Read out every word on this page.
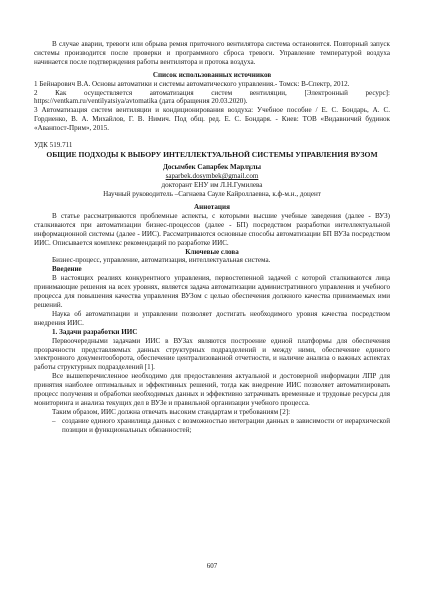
В случае аварии, тревоги или обрыва ремня приточного вентилятора система остановится. Повторный запуск системы производится после проверки и программного сброса тревоги. Управление температурой воздуха начинается после подтверждения работы вентилятора и протока воздуха.

Список использованных источников

1 Бейнарович В.А. Основы автоматики и системы автоматического управления.- Томск: В-Спектр, 2012.

2 Как осуществляется автоматизация систем вентиляции, [Электронный ресурс]: https://ventkam.ru/ventilyatsiya/avtomatika (дата обращения 20.03.2020).

3 Автоматизация систем вентиляции и кондиционирования воздуха: Учебное пособие / Е. С. Бондарь, А. С. Гордиенко, В. А. Михайлов, Г. В. Нимич. Под общ. ред. Е. С. Бондаря. - Киев: ТОВ «Видавничий будинок «Аванпост-Прим», 2015.

УДК 519.711

ОБЩИЕ ПОДХОДЫ К ВЫБОРУ ИНТЕЛЛЕКТУАЛЬНОЙ СИСТЕМЫ УПРАВЛЕНИЯ ВУЗОМ

Досымбек Сапарбек Марлұлы

saparbek.dosymbek@gmail.com

докторант ЕНУ им Л.Н.Гумилева

Научный руководитель –Сагнаева Сауле Кайроллаевна, к.ф-м.н., доцент

Аннотация

В статье рассматриваются проблемные аспекты, с которыми высшие учебные заведения (далее - ВУЗ) сталкиваются при автоматизации бизнес-процессов (далее - БП) посредством разработки интеллектуальной информационной системы (далее - ИИС). Рассматриваются основные способы автоматизации БП ВУЗа посредством ИИС. Описывается комплекс рекомендаций по разработке ИИС.

Ключевые слова

Бизнес-процесс, управление, автоматизация, интеллектуальная система.

Введение

В настоящих реалиях конкурентного управления, первостепенной задачей с которой сталкиваются лица принимающие решения на всех уровнях, является задача автоматизации административного управления и учебного процесса для повышения качества управления ВУЗом с целью обеспечения должного качества принимаемых ими решений.

Наука об автоматизации и управлении позволяет достигать необходимого уровня качества посредством внедрения ИИС.

1. Задачи разработки ИИС

Первоочередными задачами ИИС в ВУЗах являются построение единой платформы для обеспечения прозрачности представляемых данных структурных подразделений и между ними, обеспечение единого электронного документооборота, обеспечение централизованной отчетности, и наличие анализа о важных аспектах работы структурных подразделений [1].

Все вышеперечисленное необходимо для предоставления актуальной и достоверной информации ЛПР для принятия наиболее оптимальных и эффективных решений, тогда как внедрение ИИС позволяет автоматизировать процесс получения и обработки необходимых данных и эффективно затрачивать временные и трудовые ресурсы для мониторинга и анализа текущих дел в ВУЗе и правильной организации учебного процесса.

Таким образом, ИИС должна отвечать высоким стандартам и требованиям [2]:

– создание единого хранилища данных с возможностью интеграции данных в зависимости от иерархической позиции и функциональных обязанностей;
607
